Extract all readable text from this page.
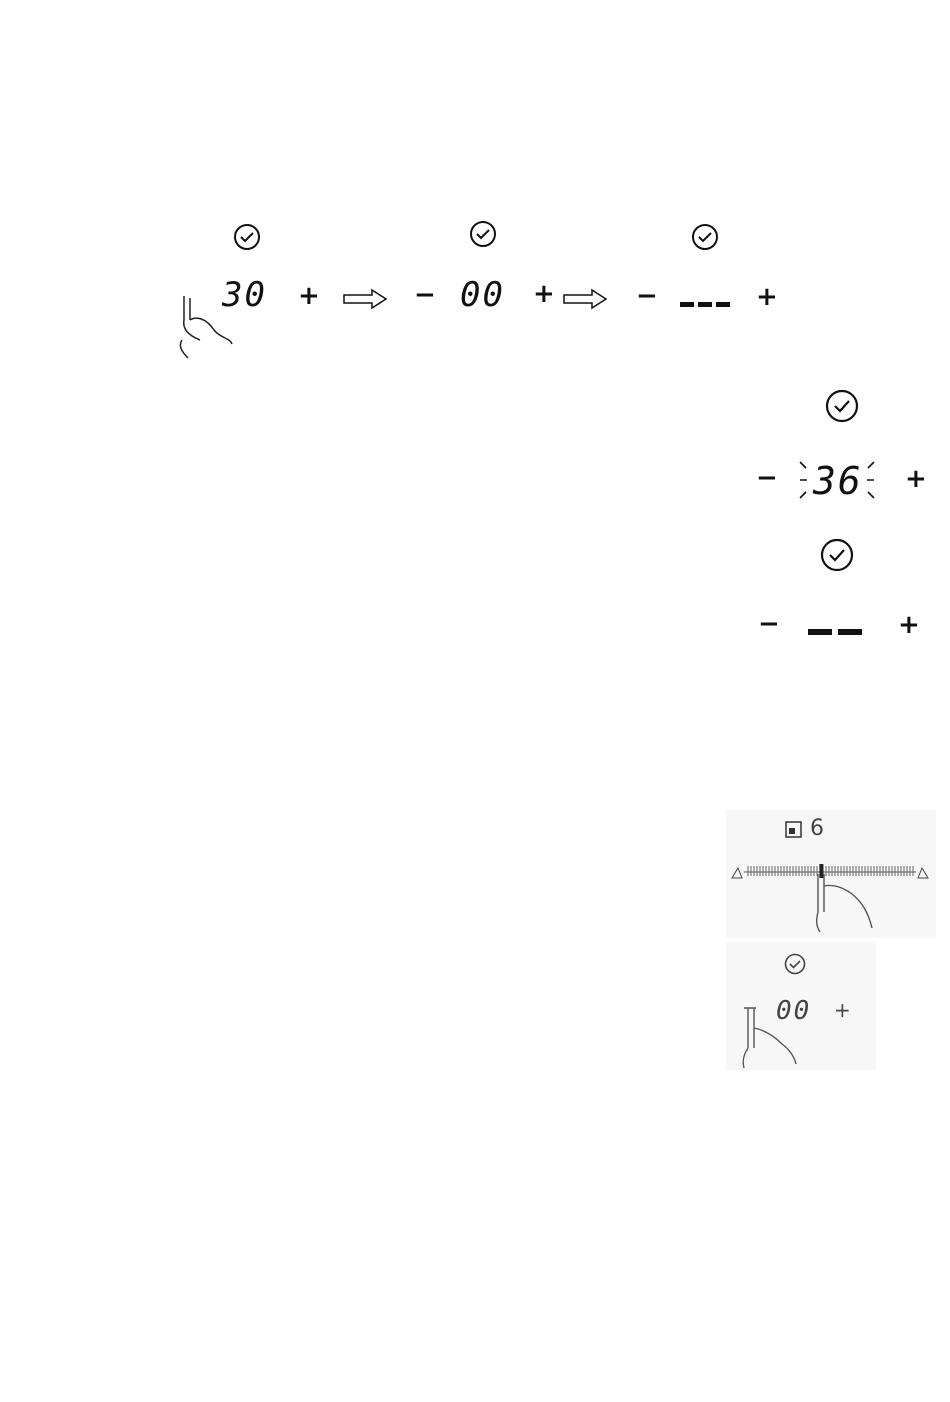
30 +	− 00 +	−	+
− 36 +
−	+
6
00 +
